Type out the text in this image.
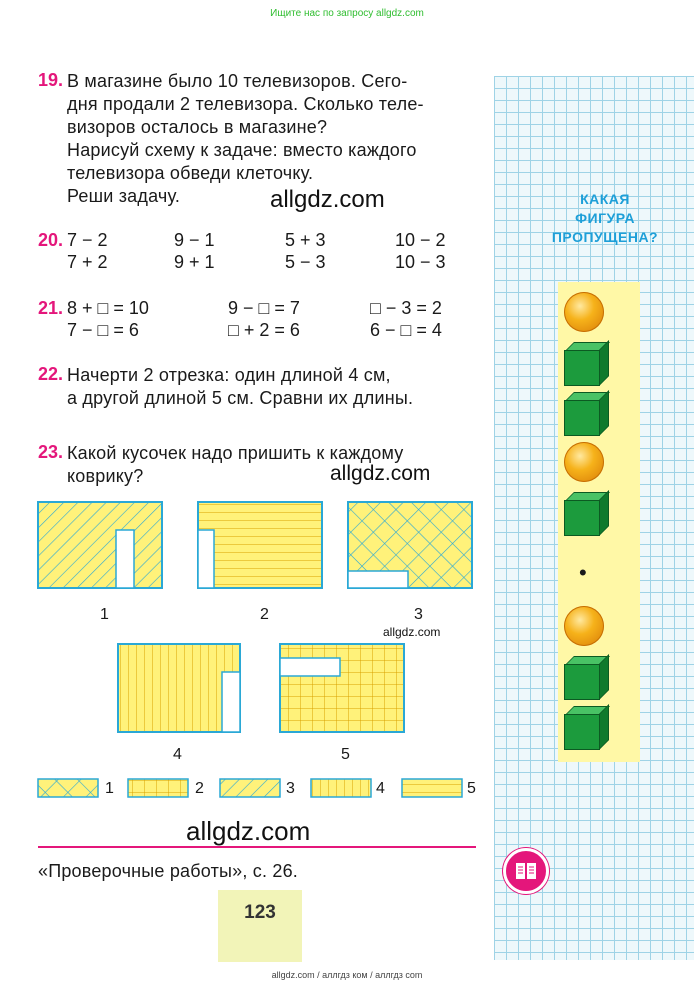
Ищите нас по запросу allgdz.com
КАКАЯ
ФИГУРА
ПРОПУЩЕНА?
•
19. В магазине было 10 телевизоров. Сего-
дня продали 2 телевизора. Сколько теле-
визоров осталось в магазине?
Нарисуй схему к задаче: вместо каждого
телевизора обведи клеточку.
Реши задачу.	allgdz.com
20. 7 − 2	9 − 1	5 + 3	10 − 2
7 + 2	9 + 1	5 − 3	10 − 3
21. 8 + □ = 10	9 − □ = 7	□ − 3 = 2
7 − □ = 6	□ + 2 = 6	6 − □ = 4
22. Начерти 2 отрезка: один длиной 4 см,
а другой длиной 5 см. Сравни их длины.
23. Какой кусочек надо пришить к каждому
коврику?	allgdz.com
1	2	3
4	5
allgdz.com
1	2	3	4	5
allgdz.com
«Проверочные работы», с. 26.
123
allgdz.com / аллгдз ком / аллгдз com
